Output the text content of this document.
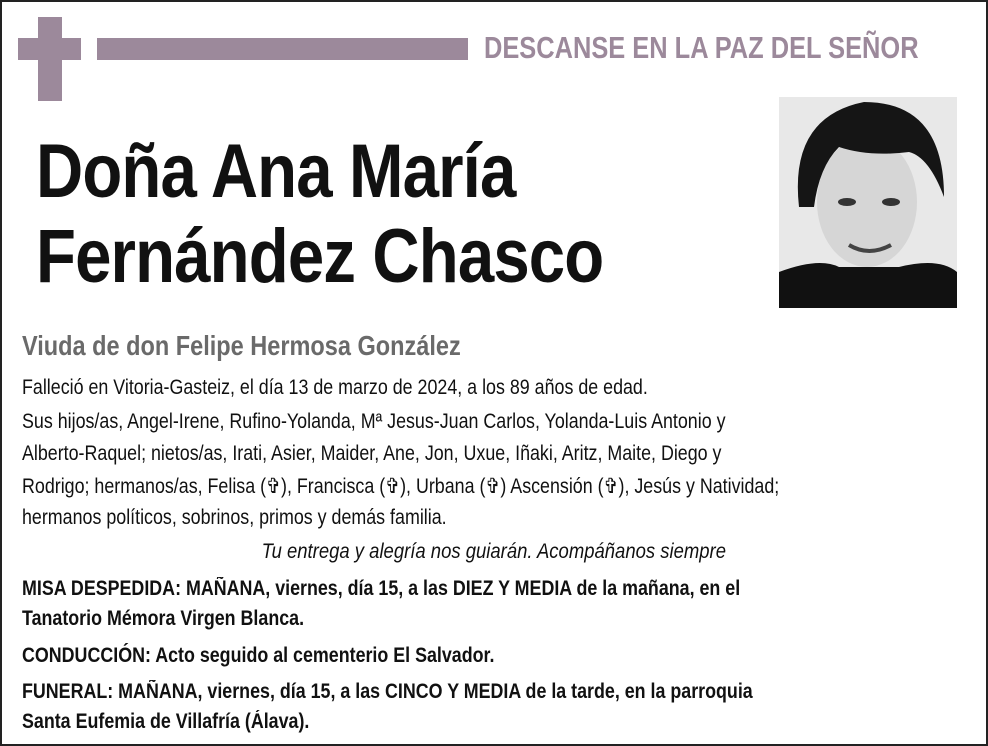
DESCANSE EN LA PAZ DEL SEÑOR
Doña Ana María
Fernández Chasco
Viuda de don Felipe Hermosa González
Falleció en Vitoria-Gasteiz, el día 13 de marzo de 2024, a los 89 años de edad.
Sus hijos/as, Angel-Irene, Rufino-Yolanda, Mª Jesus-Juan Carlos, Yolanda-Luis Antonio y
Alberto-Raquel; nietos/as, Irati, Asier, Maider, Ane, Jon, Uxue, Iñaki, Aritz, Maite, Diego y
Rodrigo; hermanos/as, Felisa (✞), Francisca (✞), Urbana (✞) Ascensión (✞), Jesús y Natividad;
hermanos políticos, sobrinos, primos y demás familia.
Tu entrega y alegría nos guiarán. Acompáñanos siempre
MISA DESPEDIDA: MAÑANA, viernes, día 15, a las DIEZ Y MEDIA de la mañana, en el
Tanatorio Mémora Virgen Blanca.
CONDUCCIÓN: Acto seguido al cementerio El Salvador.
FUNERAL: MAÑANA, viernes, día 15, a las CINCO Y MEDIA de la tarde, en la parroquia
Santa Eufemia de Villafría (Álava).
